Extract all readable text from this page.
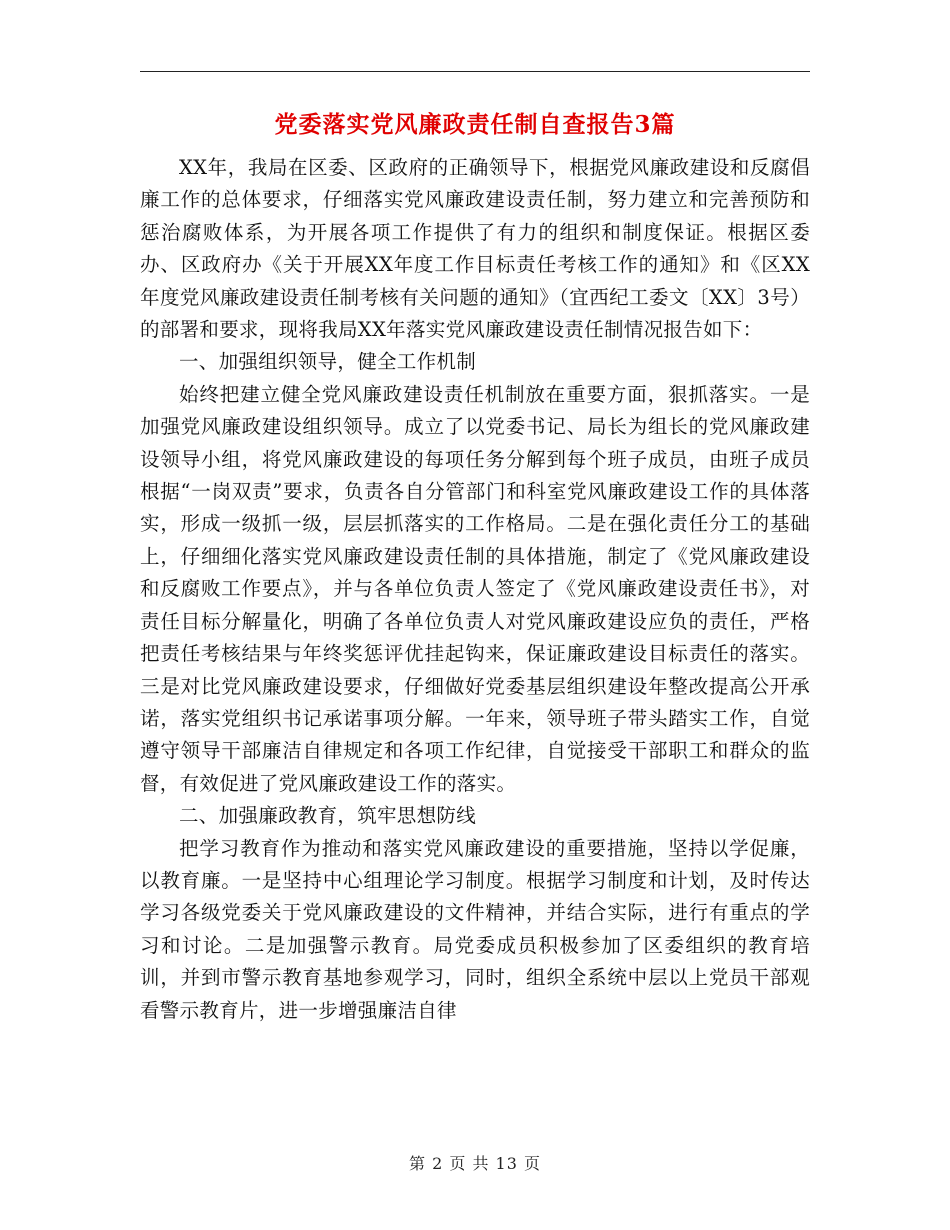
党委落实党风廉政责任制自查报告3篇

XX年，我局在区委、区政府的正确领导下，根据党风廉政建设和反腐倡廉工作的总体要求，仔细落实党风廉政建设责任制，努力建立和完善预防和惩治腐败体系，为开展各项工作提供了有力的组织和制度保证。根据区委办、区政府办《关于开展XX年度工作目标责任考核工作的通知》和《区XX年度党风廉政建设责任制考核有关问题的通知》（宜西纪工委文〔XX〕3号）的部署和要求，现将我局XX年落实党风廉政建设责任制情况报告如下：

一、加强组织领导，健全工作机制

始终把建立健全党风廉政建设责任机制放在重要方面，狠抓落实。一是加强党风廉政建设组织领导。成立了以党委书记、局长为组长的党风廉政建设领导小组，将党风廉政建设的每项任务分解到每个班子成员，由班子成员根据“一岗双责”要求，负责各自分管部门和科室党风廉政建设工作的具体落实，形成一级抓一级，层层抓落实的工作格局。二是在强化责任分工的基础上，仔细细化落实党风廉政建设责任制的具体措施，制定了《党风廉政建设和反腐败工作要点》，并与各单位负责人签定了《党风廉政建设责任书》，对责任目标分解量化，明确了各单位负责人对党风廉政建设应负的责任，严格把责任考核结果与年终奖惩评优挂起钩来，保证廉政建设目标责任的落实。三是对比党风廉政建设要求，仔细做好党委基层组织建设年整改提高公开承诺，落实党组织书记承诺事项分解。一年来，领导班子带头踏实工作，自觉遵守领导干部廉洁自律规定和各项工作纪律，自觉接受干部职工和群众的监督，有效促进了党风廉政建设工作的落实。

二、加强廉政教育，筑牢思想防线

把学习教育作为推动和落实党风廉政建设的重要措施，坚持以学促廉，以教育廉。一是坚持中心组理论学习制度。根据学习制度和计划，及时传达学习各级党委关于党风廉政建设的文件精神，并结合实际，进行有重点的学习和讨论。二是加强警示教育。局党委成员积极参加了区委组织的教育培训，并到市警示教育基地参观学习，同时，组织全系统中层以上党员干部观看警示教育片，进一步增强廉洁自律

第 2 页 共 13 页
